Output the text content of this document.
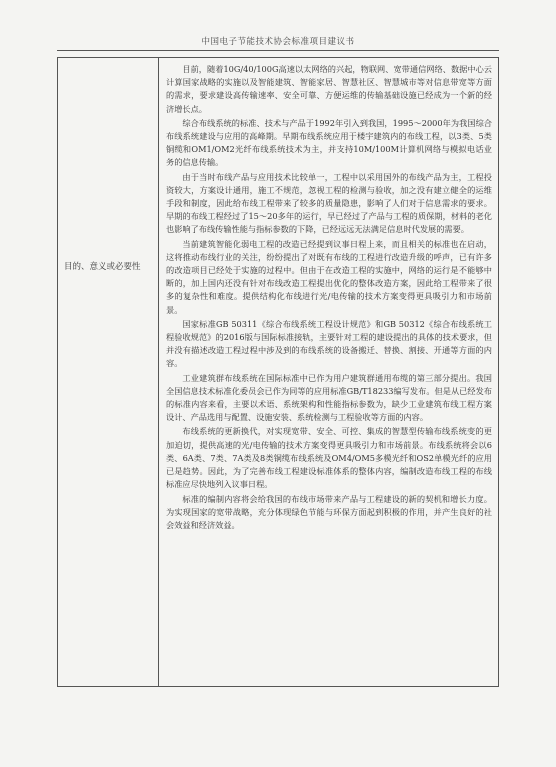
中国电子节能技术协会标准项目建议书
目的、意义或必要性

目前，随着10G/40/100G高速以太网络的兴起，物联网、宽带通信网络、数据中心云计算国家战略的实施以及智能建筑、智能家居、智慧社区、智慧城市等对信息带宽等方面的需求，要求建设高传输速率、安全可靠、方便运维的传输基础设施已经成为一个新的经济增长点。

综合布线系统的标准、技术与产品于1992年引入到我国，1995～2000年为我国综合布线系统建设与应用的高峰期。早期布线系统应用于楼宇建筑内的布线工程，以3类、5类铜缆和OM1/OM2光纤布线系统技术为主，并支持10M/100M计算机网络与模拟电话业务的信息传输。

由于当时布线产品与应用技术比较单一，工程中以采用国外的布线产品为主，工程投资较大，方案设计通用，施工不规范，忽视工程的检测与验收，加之没有建立健全的运维手段和制度，因此给布线工程带来了较多的质量隐患，影响了人们对于信息需求的要求。早期的布线工程经过了15～20多年的运行，早已经过了产品与工程的质保期，材料的老化也影响了布线传输性能与指标参数的下降，已经远远无法满足信息时代发展的需要。

当前建筑智能化弱电工程的改造已经提到议事日程上来，而且相关的标准也在启动，这将推动布线行业的关注，纷纷提出了对既有布线的工程进行改造升级的呼声，已有许多的改造项目已经处于实施的过程中。但由于在改造工程的实施中，网络的运行是不能够中断的，加上国内还没有针对布线改造工程提出优化的整体改造方案，因此给工程带来了很多的复杂性和难度。提供结构化布线进行光/电传输的技术方案变得更具吸引力和市场前景。

国家标准GB 50311《综合布线系统工程设计规范》和GB 50312《综合布线系统工程验收规范》的2016版与国际标准接轨，主要针对工程的建设提出的具体的技术要求，但并没有描述改造工程过程中涉及到的布线系统的设备搬迁、替换、割接、开通等方面的内容。

工业建筑群布线系统在国际标准中已作为用户建筑群通用布缆的第三部分提出。我国全国信息技术标准化委员会已作为同等的应用标准GB/T18233编写发布。但是从已经发布的标准内容来看，主要以术语、系统架构和性能指标参数为，缺少工业建筑布线工程方案设计、产品选用与配置、设施安装、系统检测与工程验收等方面的内容。

布线系统的更新换代，对实现宽带、安全、可控、集成的智慧型传输布线系统变的更加迫切，提供高速的光/电传输的技术方案变得更具吸引力和市场前景。布线系统将会以6类、6A类、7类、7A类及8类铜缆布线系统及OM4/OM5多模光纤和OS2单模光纤的应用已是趋势。因此，为了完善布线工程建设标准体系的整体内容，编制改造布线工程的布线标准应尽快地列入议事日程。

标准的编制内容将会给我国的布线市场带来产品与工程建设的新的契机和增长力度。为实现国家的宽带战略，充分体现绿色节能与环保方面起到积极的作用，并产生良好的社会效益和经济效益。
